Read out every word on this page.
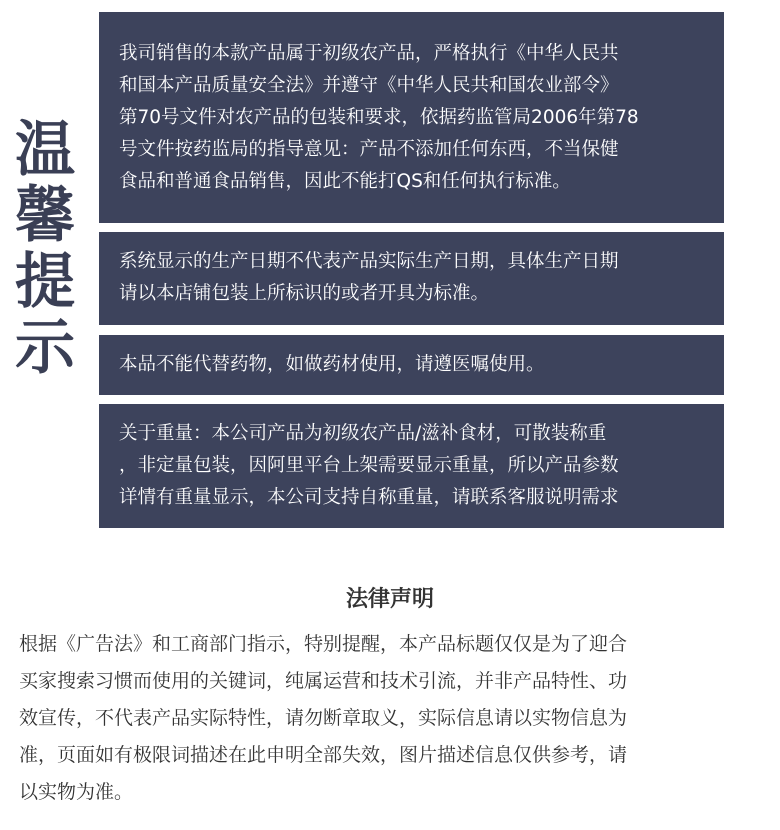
温
馨
提
示
我司销售的本款产品属于初级农产品，严格执行《中华人民共
和国本产品质量安全法》并遵守《中华人民共和国农业部令》
第70号文件对农产品的包装和要求，依据药监管局2006年第78
号文件按药监局的指导意见：产品不添加任何东西，不当保健
食品和普通食品销售，因此不能打QS和任何执行标准。
系统显示的生产日期不代表产品实际生产日期，具体生产日期
请以本店铺包装上所标识的或者开具为标准。
本品不能代替药物，如做药材使用，请遵医嘱使用。
关于重量：本公司产品为初级农产品/滋补食材，可散装称重
，非定量包装，因阿里平台上架需要显示重量，所以产品参数
详情有重量显示，本公司支持自称重量，请联系客服说明需求
法律声明
根据《广告法》和工商部门指示，特别提醒，本产品标题仅仅是为了迎合
买家搜索习惯而使用的关键词，纯属运营和技术引流，并非产品特性、功
效宣传，不代表产品实际特性，请勿断章取义，实际信息请以实物信息为
准，页面如有极限词描述在此申明全部失效，图片描述信息仅供参考，请
以实物为准。
